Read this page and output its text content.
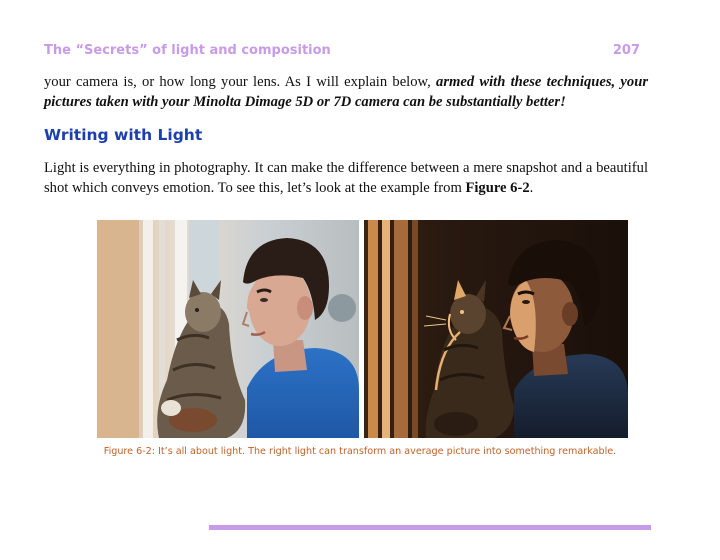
The “Secrets” of light and composition	207
your camera is, or how long your lens. As I will explain below, armed with these techniques, your
pictures taken with your Minolta Dimage 5D or 7D camera can be substantially better!
Writing with Light
Light is everything in photography. It can make the difference between a mere snapshot and a beautiful
shot which conveys emotion. To see this, let’s look at the example from Figure 6-2.
Figure 6-2: It’s all about light. The right light can transform an average picture into something remarkable.
